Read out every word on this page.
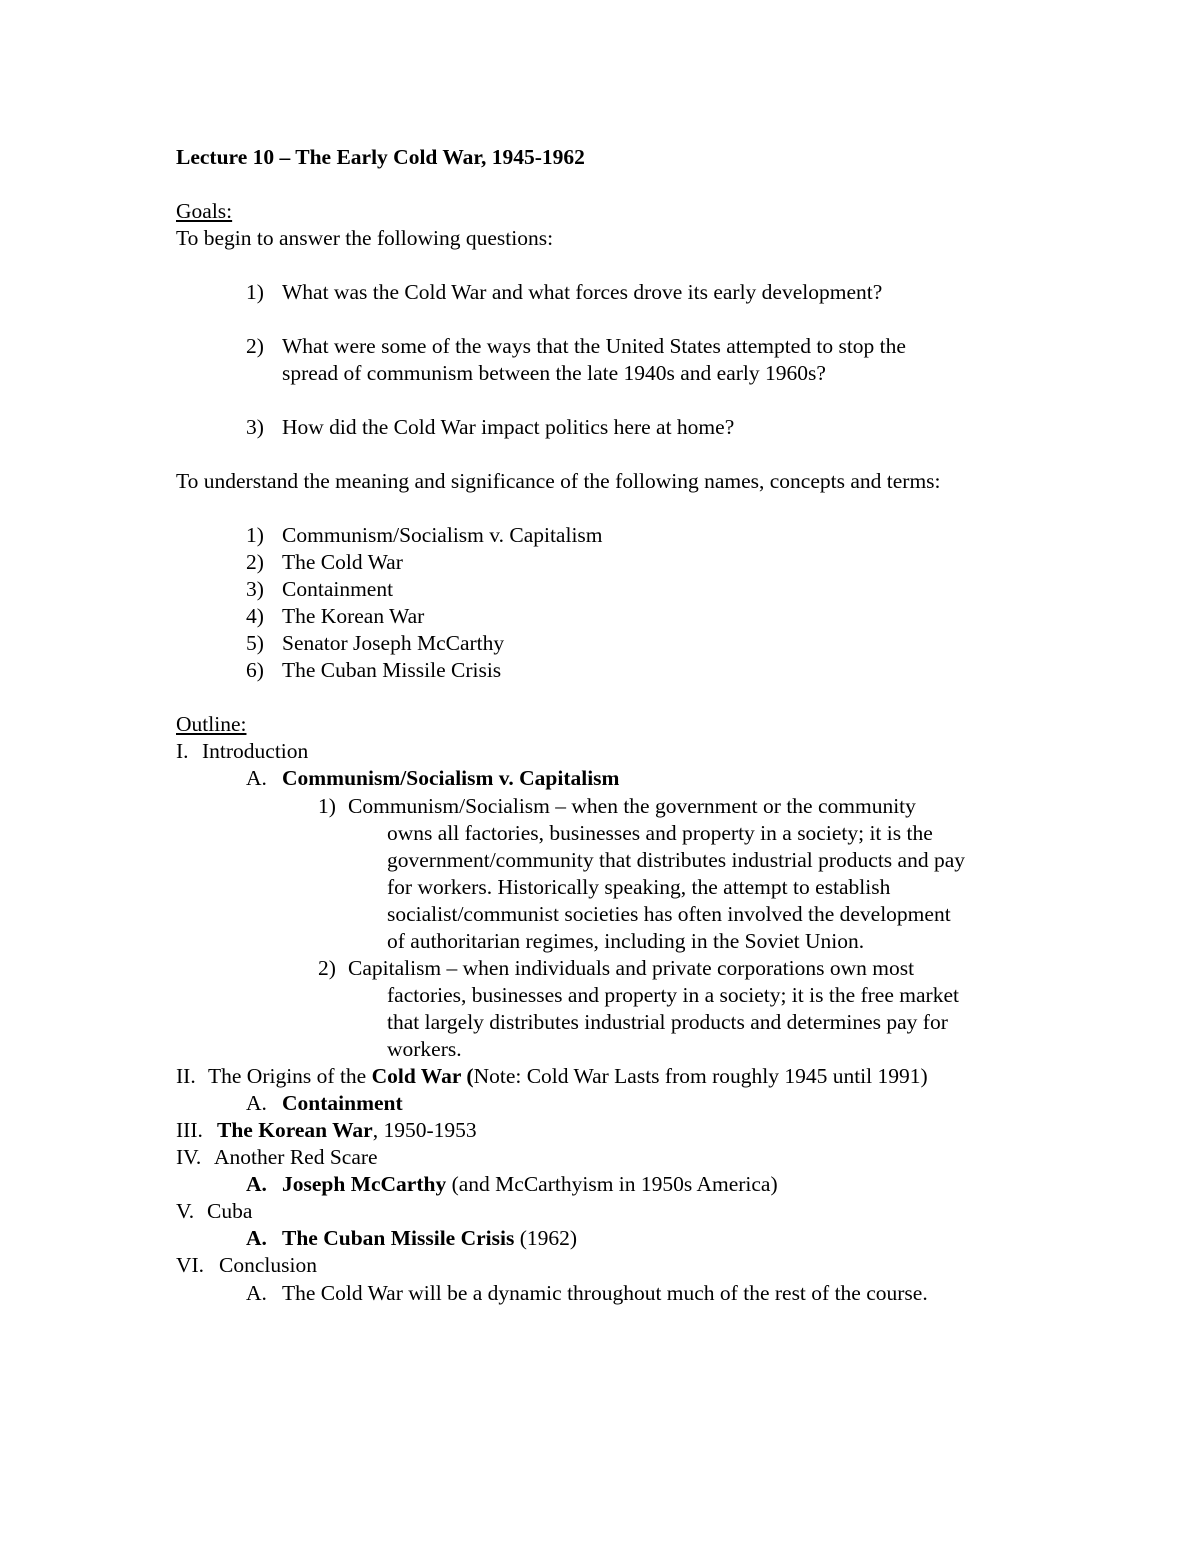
Lecture 10 – The Early Cold War, 1945-1962
Goals:
To begin to answer the following questions:
1) What was the Cold War and what forces drove its early development?
2) What were some of the ways that the United States attempted to stop the
spread of communism between the late 1940s and early 1960s?
3) How did the Cold War impact politics here at home?
To understand the meaning and significance of the following names, concepts and terms:
1) Communism/Socialism v. Capitalism
2) The Cold War
3) Containment
4) The Korean War
5) Senator Joseph McCarthy
6) The Cuban Missile Crisis
Outline:
I. Introduction
A. Communism/Socialism v. Capitalism
1) Communism/Socialism – when the government or the community
owns all factories, businesses and property in a society; it is the
government/community that distributes industrial products and pay
for workers. Historically speaking, the attempt to establish
socialist/communist societies has often involved the development
of authoritarian regimes, including in the Soviet Union.
2) Capitalism – when individuals and private corporations own most
factories, businesses and property in a society; it is the free market
that largely distributes industrial products and determines pay for
workers.
II. The Origins of the Cold War (Note: Cold War Lasts from roughly 1945 until 1991)
A. Containment
III. The Korean War, 1950-1953
IV. Another Red Scare
A. Joseph McCarthy (and McCarthyism in 1950s America)
V. Cuba
A. The Cuban Missile Crisis (1962)
VI. Conclusion
A. The Cold War will be a dynamic throughout much of the rest of the course.
